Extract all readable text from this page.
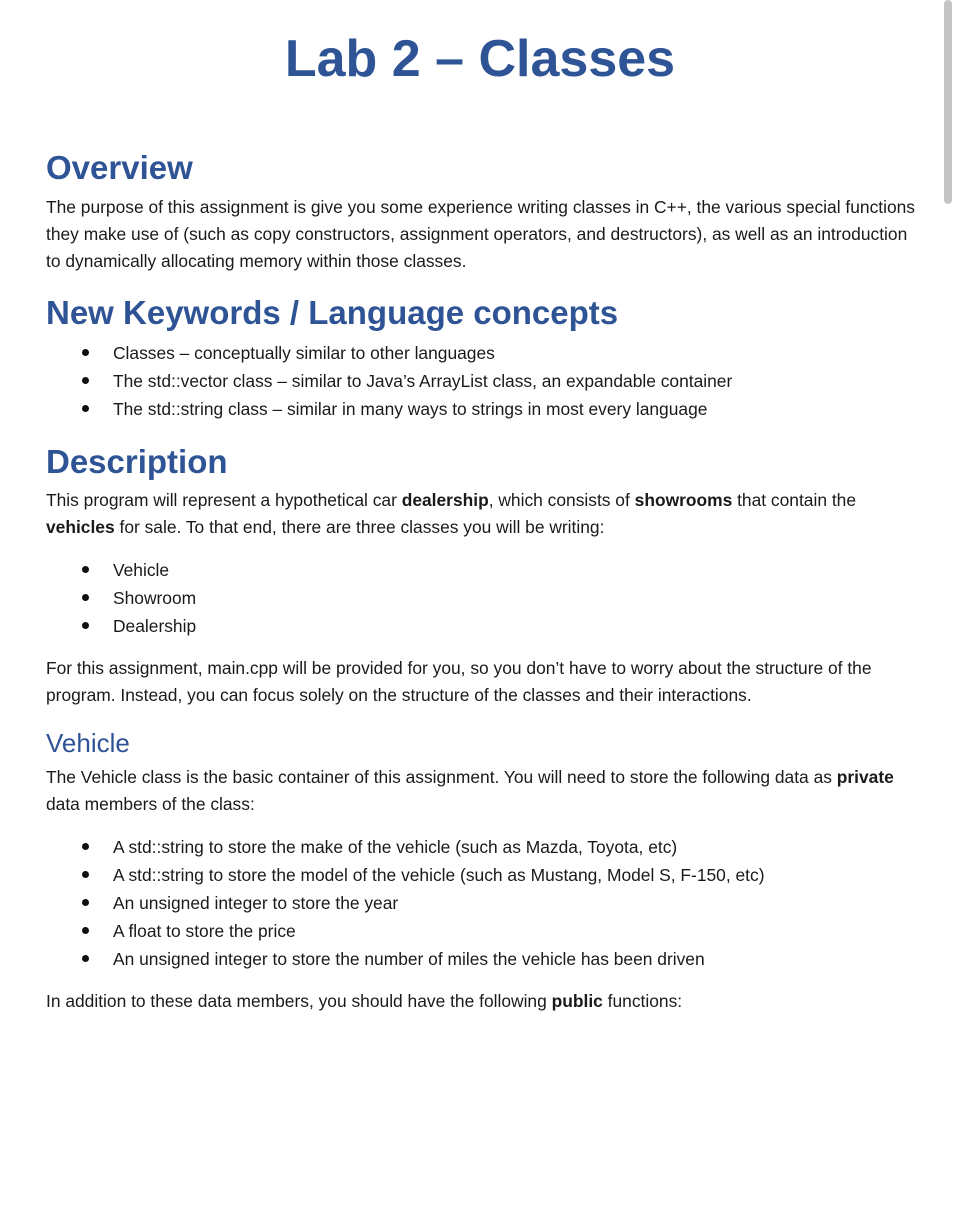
Lab 2 – Classes
Overview

The purpose of this assignment is give you some experience writing classes in C++, the various special functions they make use of (such as copy constructors, assignment operators, and destructors), as well as an introduction to dynamically allocating memory within those classes.

New Keywords / Language concepts
Classes – conceptually similar to other languages
The std::vector class – similar to Java’s ArrayList class, an expandable container
The std::string class – similar in many ways to strings in most every language
Description

This program will represent a hypothetical car dealership, which consists of showrooms that contain the vehicles for sale. To that end, there are three classes you will be writing:

Vehicle
Showroom
Dealership

For this assignment, main.cpp will be provided for you, so you don’t have to worry about the structure of the program. Instead, you can focus solely on the structure of the classes and their interactions.

Vehicle

The Vehicle class is the basic container of this assignment. You will need to store the following data as private data members of the class:

A std::string to store the make of the vehicle (such as Mazda, Toyota, etc)
A std::string to store the model of the vehicle (such as Mustang, Model S, F-150, etc)
An unsigned integer to store the year
A float to store the price
An unsigned integer to store the number of miles the vehicle has been driven

In addition to these data members, you should have the following public functions:
